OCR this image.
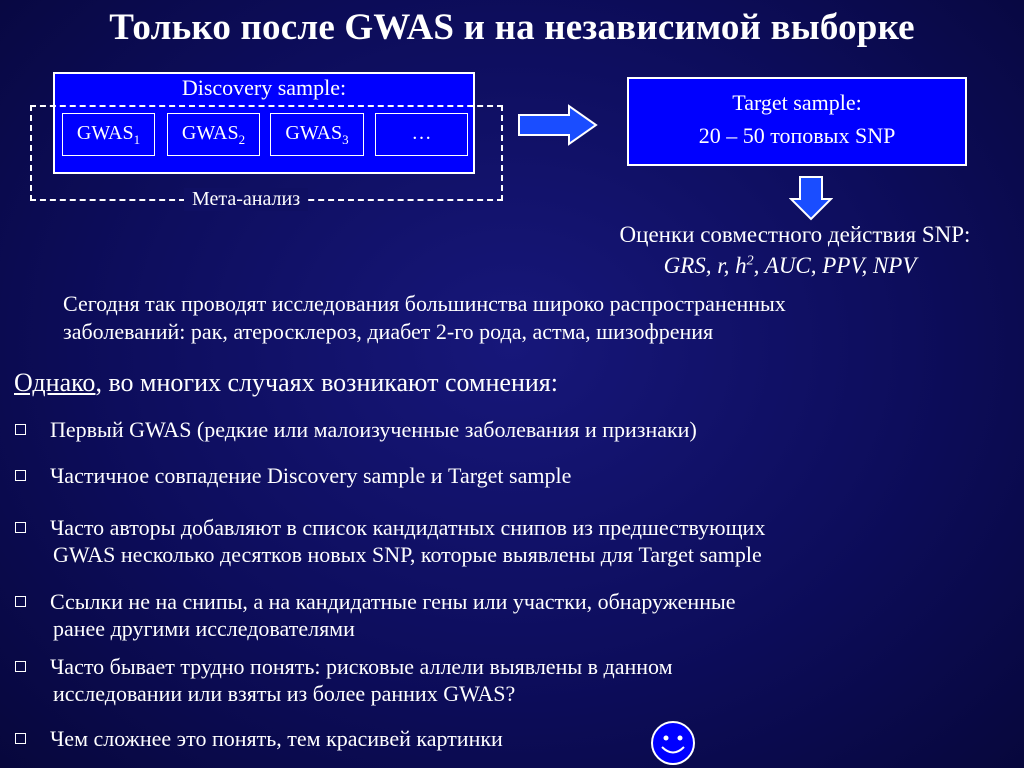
Только после GWAS и на независимой выборке
Discovery sample:
$GWAS_1$	$GWAS_2$	$GWAS_3$	…
Мета-анализ
Target sample:
20 – 50 топовых SNP
Оценки совместного действия SNP:
GRS, r, $h^2$, AUC, PPV, NPV
Сегодня так проводят исследования большинства широко распространенных
заболеваний: рак, атеросклероз, диабет 2-го рода, астма, шизофрения
Однако, во многих случаях возникают сомнения:
Первый GWAS (редкие или малоизученные заболевания и признаки)
Частичное совпадение Discovery sample и Target sample
Часто авторы добавляют в список кандидатных снипов из предшествующих
GWAS несколько десятков новых SNP, которые выявлены для Target sample
Ссылки не на снипы, а на кандидатные гены или участки, обнаруженные
ранее другими исследователями
Часто бывает трудно понять: рисковые аллели выявлены в данном
исследовании или взяты из более ранних GWAS?
Чем сложнее это понять, тем красивей картинки
